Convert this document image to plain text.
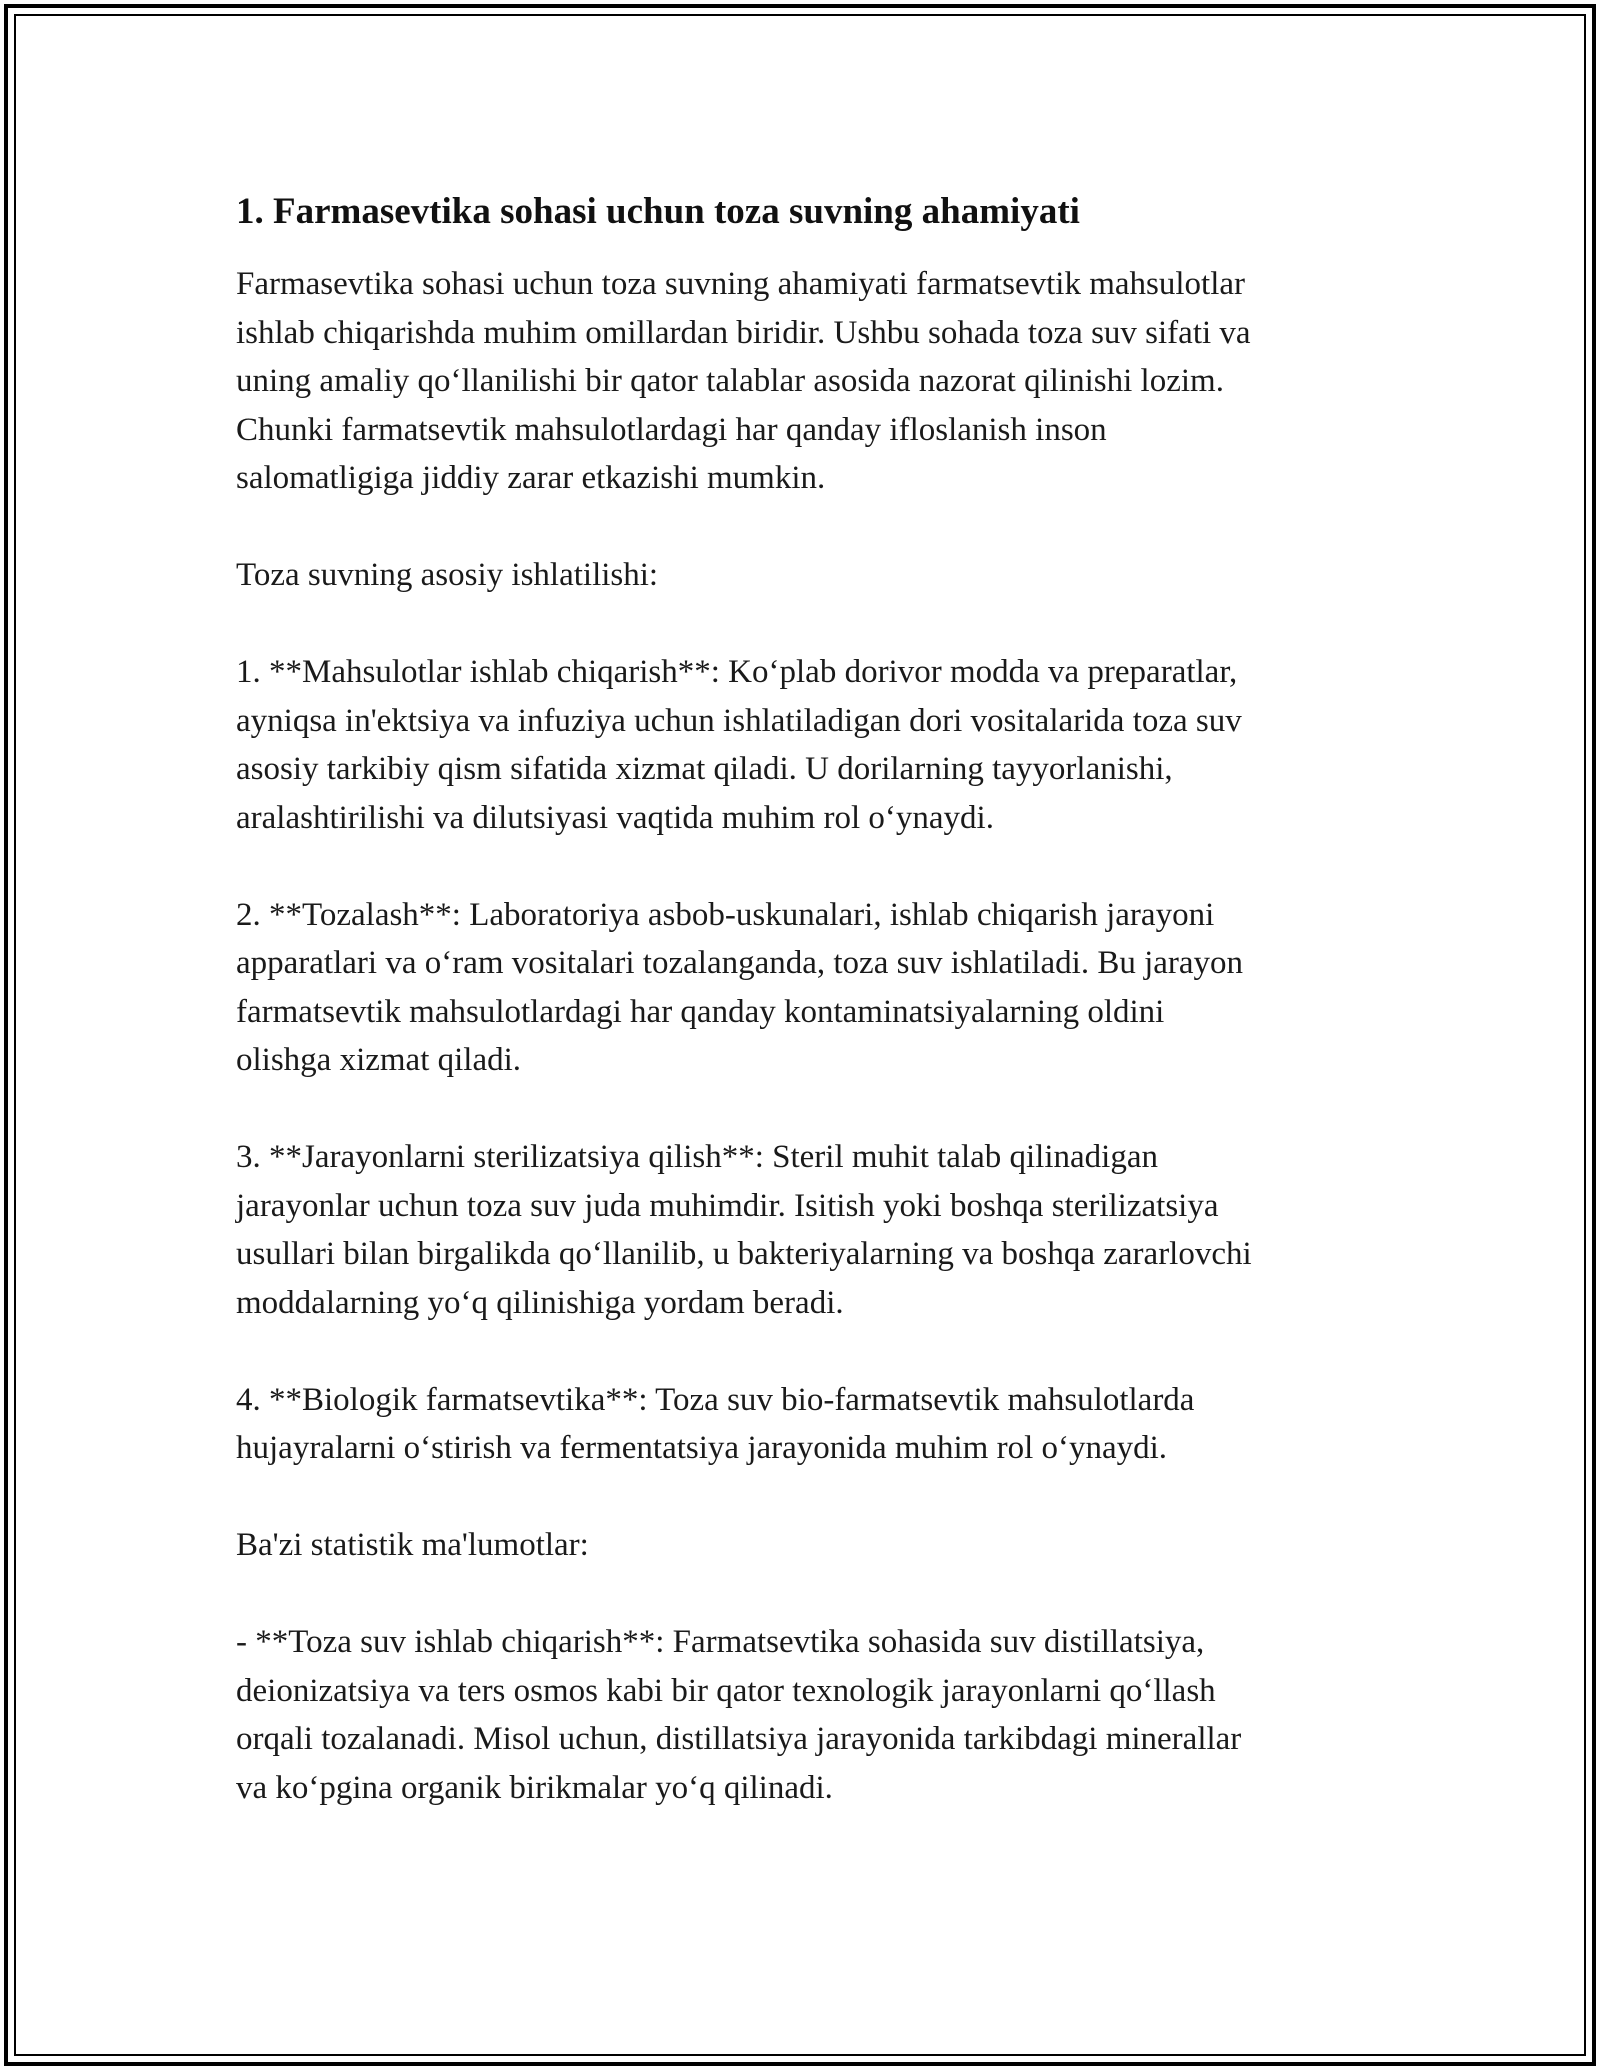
1. Farmasevtika sohasi uchun toza suvning ahamiyati

Farmasevtika sohasi uchun toza suvning ahamiyati farmatsevtik mahsulotlar
ishlab chiqarishda muhim omillardan biridir. Ushbu sohada toza suv sifati va
uning amaliy qo‘llanilishi bir qator talablar asosida nazorat qilinishi lozim.
Chunki farmatsevtik mahsulotlardagi har qanday ifloslanish inson
salomatligiga jiddiy zarar etkazishi mumkin.

Toza suvning asosiy ishlatilishi:

1. **Mahsulotlar ishlab chiqarish**: Ko‘plab dorivor modda va preparatlar,
ayniqsa in'ektsiya va infuziya uchun ishlatiladigan dori vositalarida toza suv
asosiy tarkibiy qism sifatida xizmat qiladi. U dorilarning tayyorlanishi,
aralashtirilishi va dilutsiyasi vaqtida muhim rol o‘ynaydi.

2. **Tozalash**: Laboratoriya asbob-uskunalari, ishlab chiqarish jarayoni
apparatlari va o‘ram vositalari tozalanganda, toza suv ishlatiladi. Bu jarayon
farmatsevtik mahsulotlardagi har qanday kontaminatsiyalarning oldini
olishga xizmat qiladi.

3. **Jarayonlarni sterilizatsiya qilish**: Steril muhit talab qilinadigan
jarayonlar uchun toza suv juda muhimdir. Isitish yoki boshqa sterilizatsiya
usullari bilan birgalikda qo‘llanilib, u bakteriyalarning va boshqa zararlovchi
moddalarning yo‘q qilinishiga yordam beradi.

4. **Biologik farmatsevtika**: Toza suv bio-farmatsevtik mahsulotlarda
hujayralarni o‘stirish va fermentatsiya jarayonida muhim rol o‘ynaydi.

Ba'zi statistik ma'lumotlar:

- **Toza suv ishlab chiqarish**: Farmatsevtika sohasida suv distillatsiya,
deionizatsiya va ters osmos kabi bir qator texnologik jarayonlarni qo‘llash
orqali tozalanadi. Misol uchun, distillatsiya jarayonida tarkibdagi minerallar
va ko‘pgina organik birikmalar yo‘q qilinadi.
